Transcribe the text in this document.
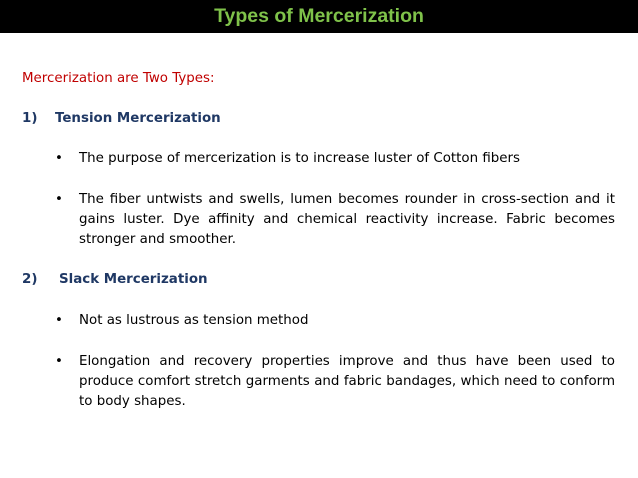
Types of Mercerization
Mercerization are Two Types:
1) Tension Mercerization
• The purpose of mercerization is to increase luster of Cotton fibers
• The fiber untwists and swells, lumen becomes rounder in cross-section and it gains luster. Dye affinity and chemical reactivity increase. Fabric becomes stronger and smoother.
2) Slack Mercerization
• Not as lustrous as tension method
• Elongation and recovery properties improve and thus have been used to produce comfort stretch garments and fabric bandages, which need to conform to body shapes.
